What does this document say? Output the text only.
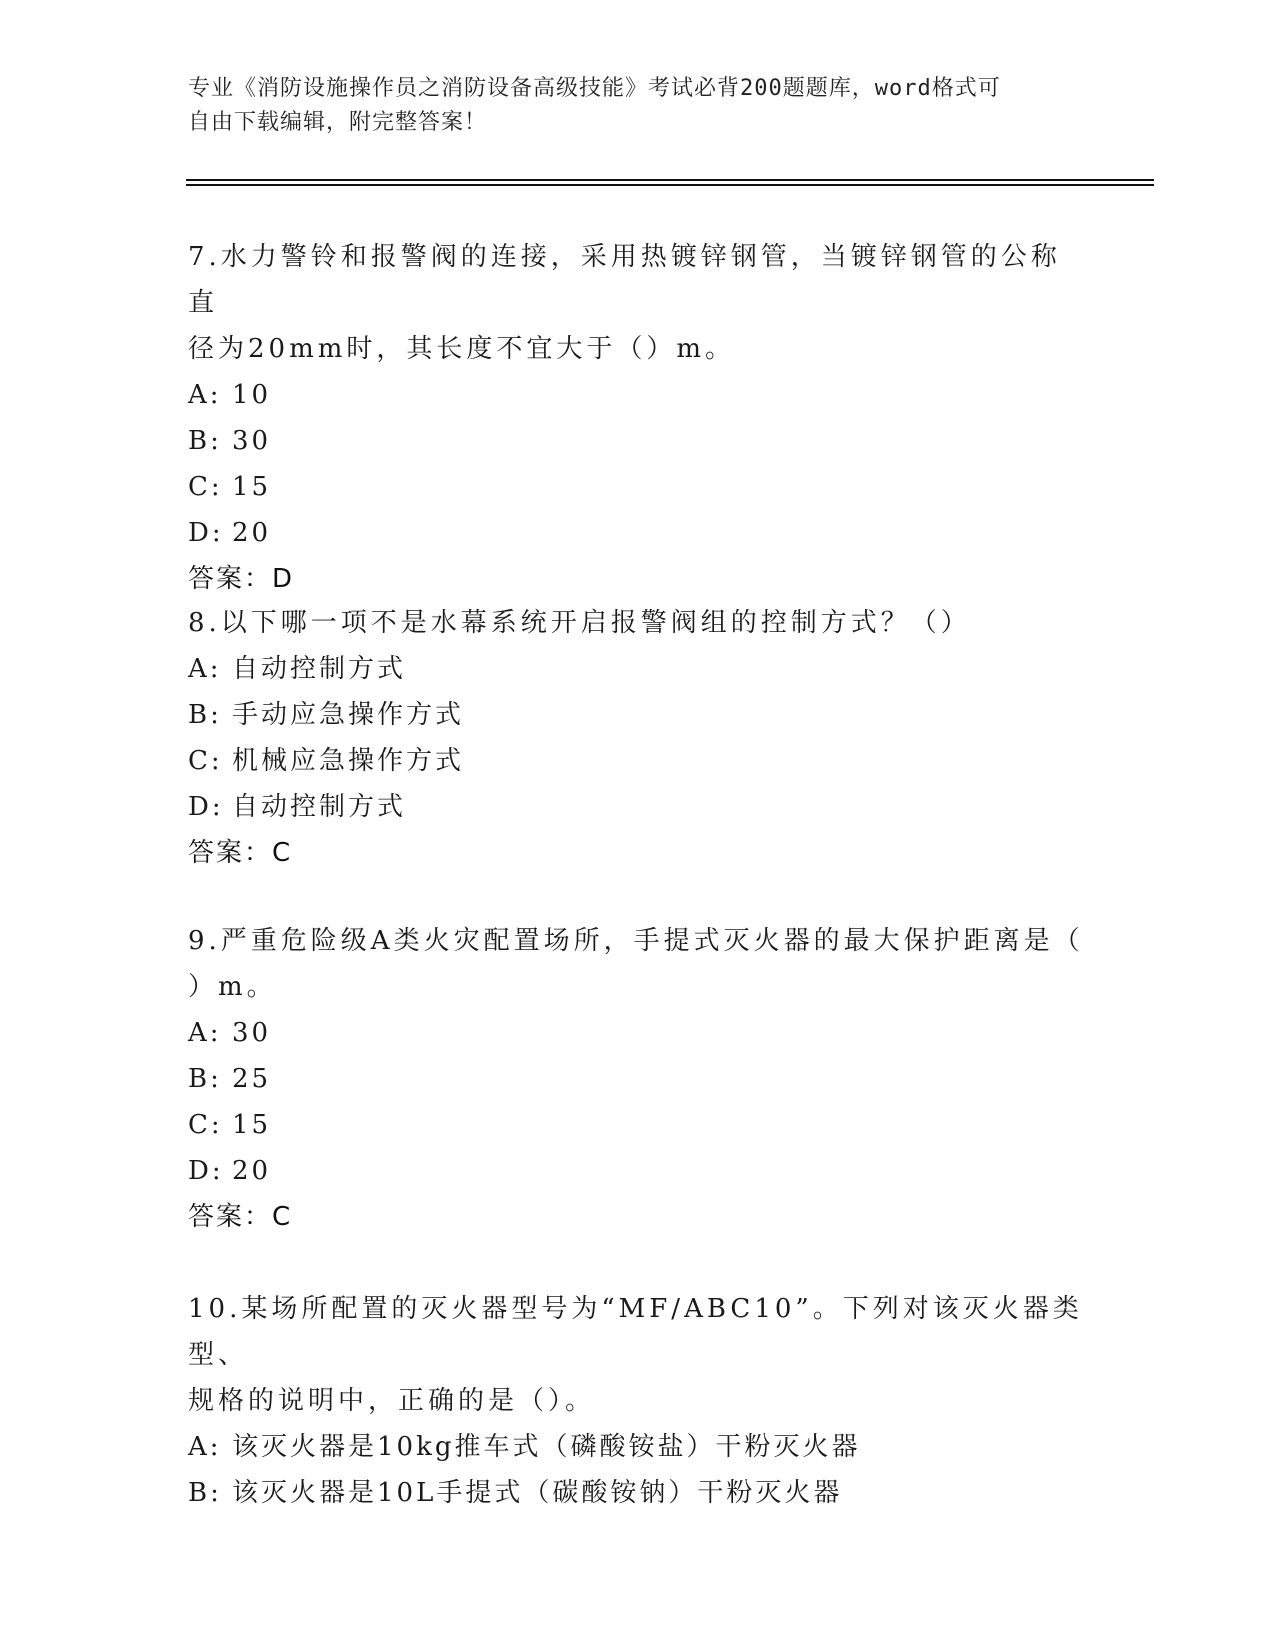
专业《消防设施操作员之消防设备高级技能》考试必背200题题库，word格式可
自由下载编辑，附完整答案！
7.水力警铃和报警阀的连接，采用热镀锌钢管，当镀锌钢管的公称直
径为20mm时，其长度不宜大于（）m。
A: 10
B: 30
C: 15
D: 20
答案：D
8.以下哪一项不是水幕系统开启报警阀组的控制方式？（）
A: 自动控制方式
B: 手动应急操作方式
C: 机械应急操作方式
D: 自动控制方式
答案：C
9.严重危险级A类火灾配置场所，手提式灭火器的最大保护距离是（
）m。
A: 30
B: 25
C: 15
D: 20
答案：C
10.某场所配置的灭火器型号为“MF/ABC10”。下列对该灭火器类型、
规格的说明中，正确的是（）。
A: 该灭火器是10kg推车式（磷酸铵盐）干粉灭火器
B: 该灭火器是10L手提式（碳酸铵钠）干粉灭火器
